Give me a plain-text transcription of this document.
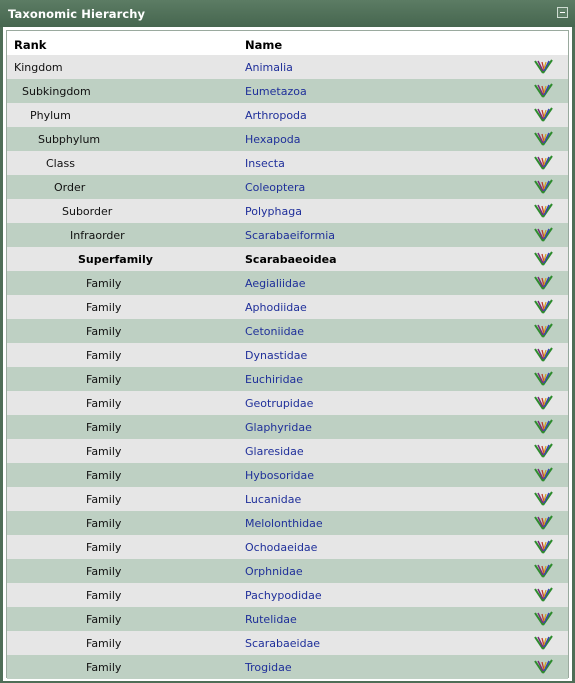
Taxonomic Hierarchy
Rank	Name
Kingdom	Animalia
Subkingdom	Eumetazoa
Phylum	Arthropoda
Subphylum	Hexapoda
Class	Insecta
Order	Coleoptera
Suborder	Polyphaga
Infraorder	Scarabaeiformia
Superfamily	Scarabaeoidea
Family	Aegialiidae
Family	Aphodiidae
Family	Cetoniidae
Family	Dynastidae
Family	Euchiridae
Family	Geotrupidae
Family	Glaphyridae
Family	Glaresidae
Family	Hybosoridae
Family	Lucanidae
Family	Melolonthidae
Family	Ochodaeidae
Family	Orphnidae
Family	Pachypodidae
Family	Rutelidae
Family	Scarabaeidae
Family	Trogidae
